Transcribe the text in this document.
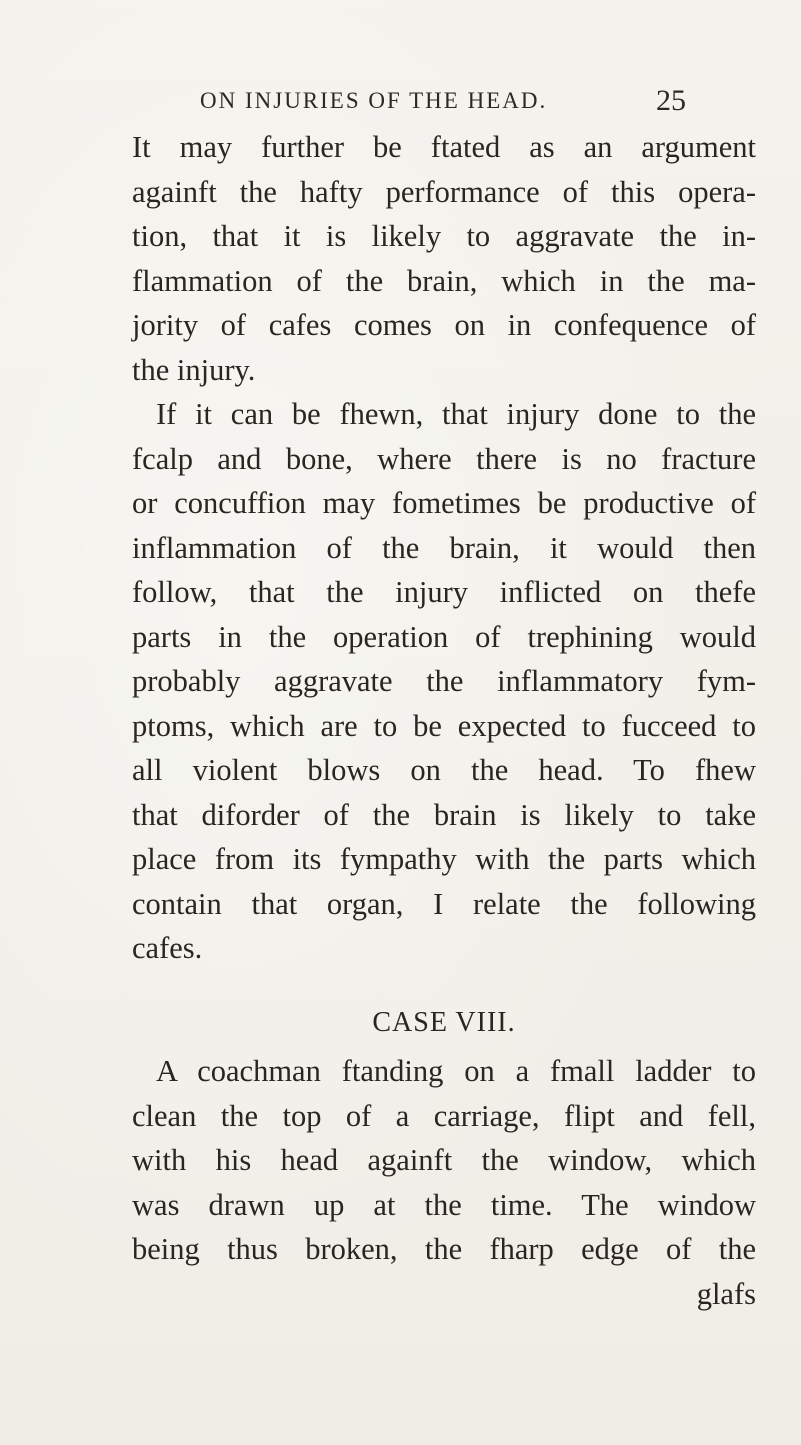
ON INJURIES OF THE HEAD.	25
It may further be ftated as an argument
againft the hafty performance of this opera-
tion, that it is likely to aggravate the in-
flammation of the brain, which in the ma-
jority of cafes comes on in confequence of
the injury.
If it can be fhewn, that injury done to the
fcalp and bone, where there is no fracture
or concuffion may fometimes be productive of
inflammation of the brain, it would then
follow, that the injury inflicted on thefe
parts in the operation of trephining would
probably aggravate the inflammatory fym-
ptoms, which are to be expected to fucceed to
all violent blows on the head. To fhew
that diforder of the brain is likely to take
place from its fympathy with the parts which
contain that organ, I relate the following
cafes.
CASE VIII.
A coachman ftanding on a fmall ladder to
clean the top of a carriage, flipt and fell,
with his head againft the window, which
was drawn up at the time. The window
being thus broken, the fharp edge of the
glafs
